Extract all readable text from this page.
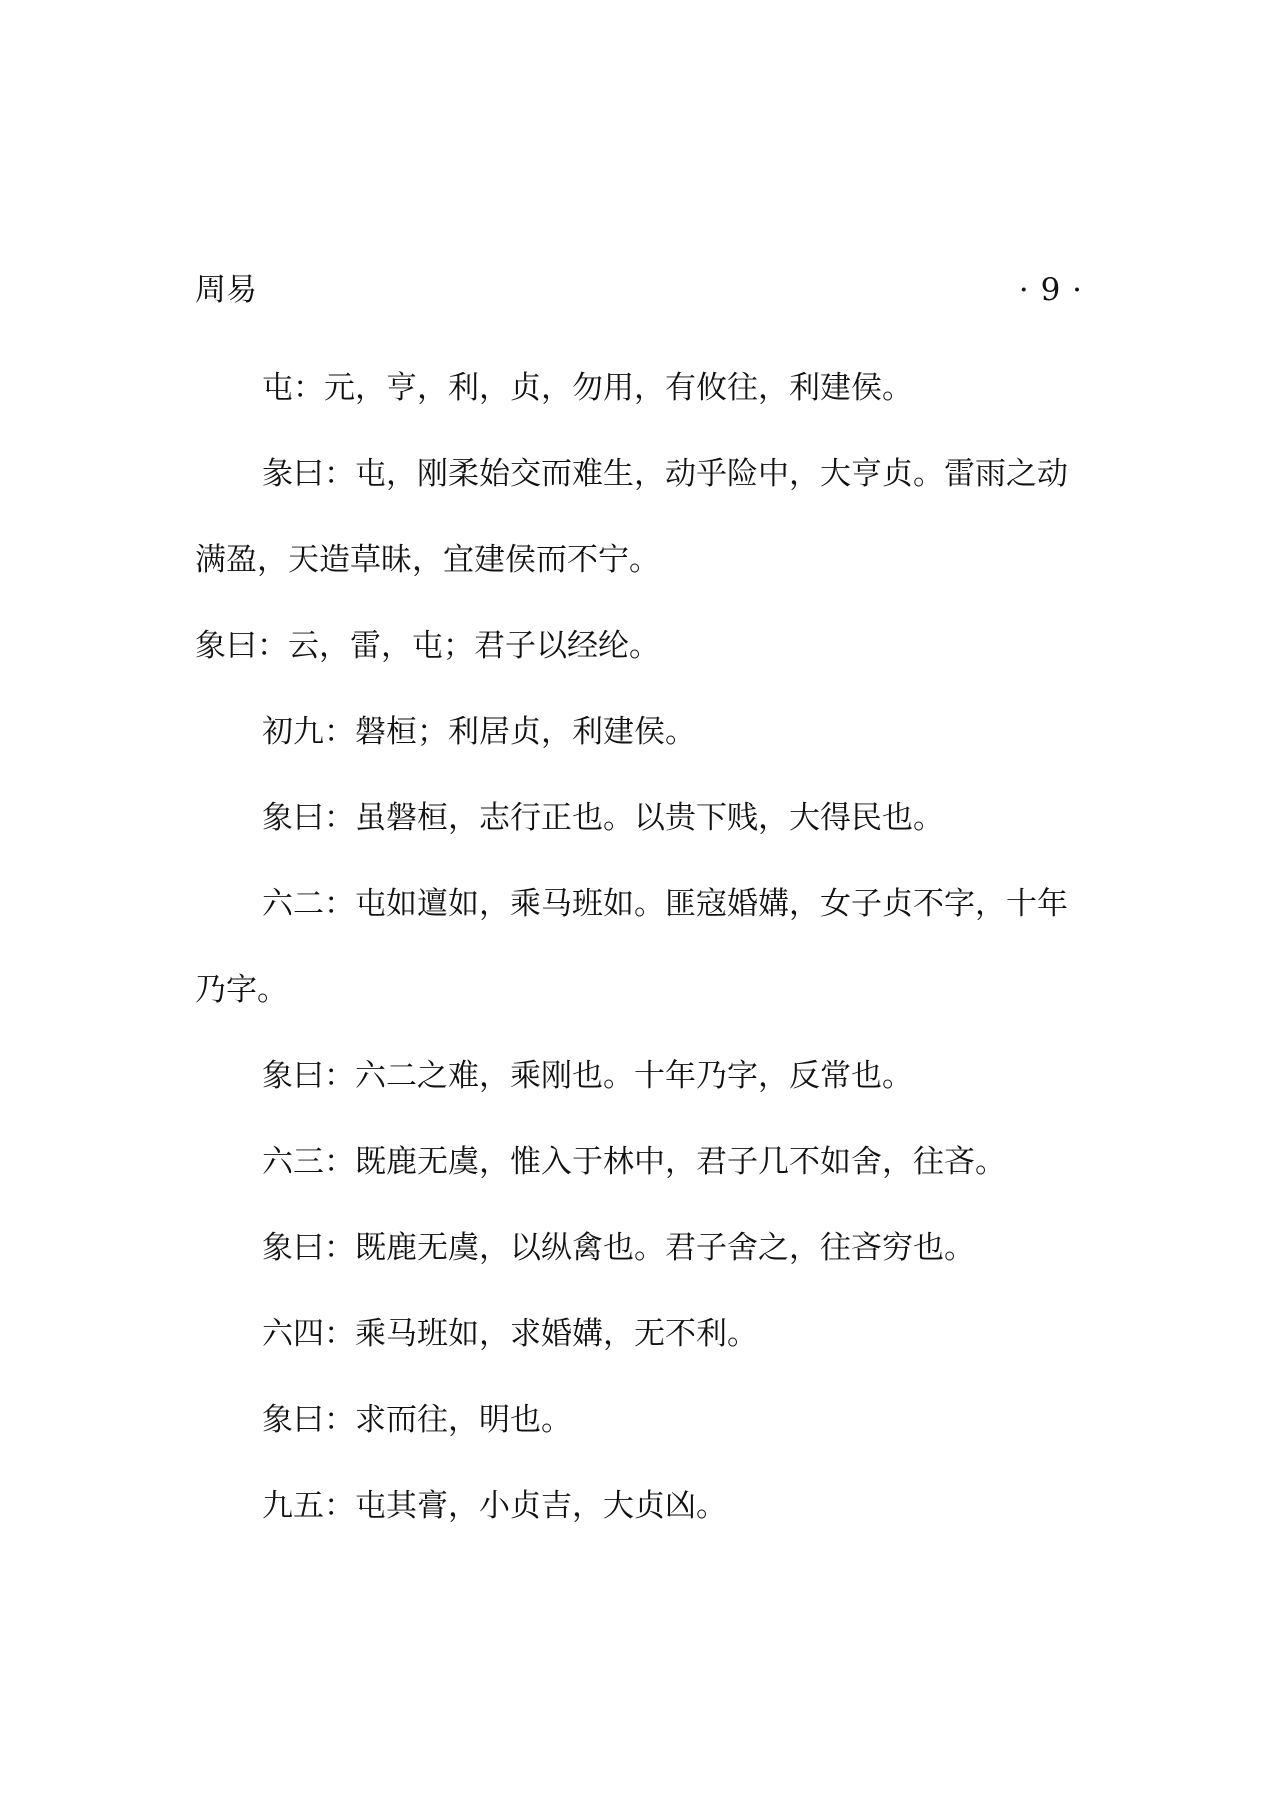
周易	· 9 ·

屯：元，亨，利，贞，勿用，有攸往，利建侯。

彖曰：屯，刚柔始交而难生，动乎险中，大亨贞。雷雨之动满盈，天造草昧，宜建侯而不宁。

象曰：云，雷，屯；君子以经纶。

初九：磐桓；利居贞，利建侯。

象曰：虽磐桓，志行正也。以贵下贱，大得民也。

六二：屯如邅如，乘马班如。匪寇婚媾，女子贞不字，十年乃字。

象曰：六二之难，乘刚也。十年乃字，反常也。

六三：既鹿无虞，惟入于林中，君子几不如舍，往吝。

象曰：既鹿无虞，以纵禽也。君子舍之，往吝穷也。

六四：乘马班如，求婚媾，无不利。

象曰：求而往，明也。

九五：屯其膏，小贞吉，大贞凶。
